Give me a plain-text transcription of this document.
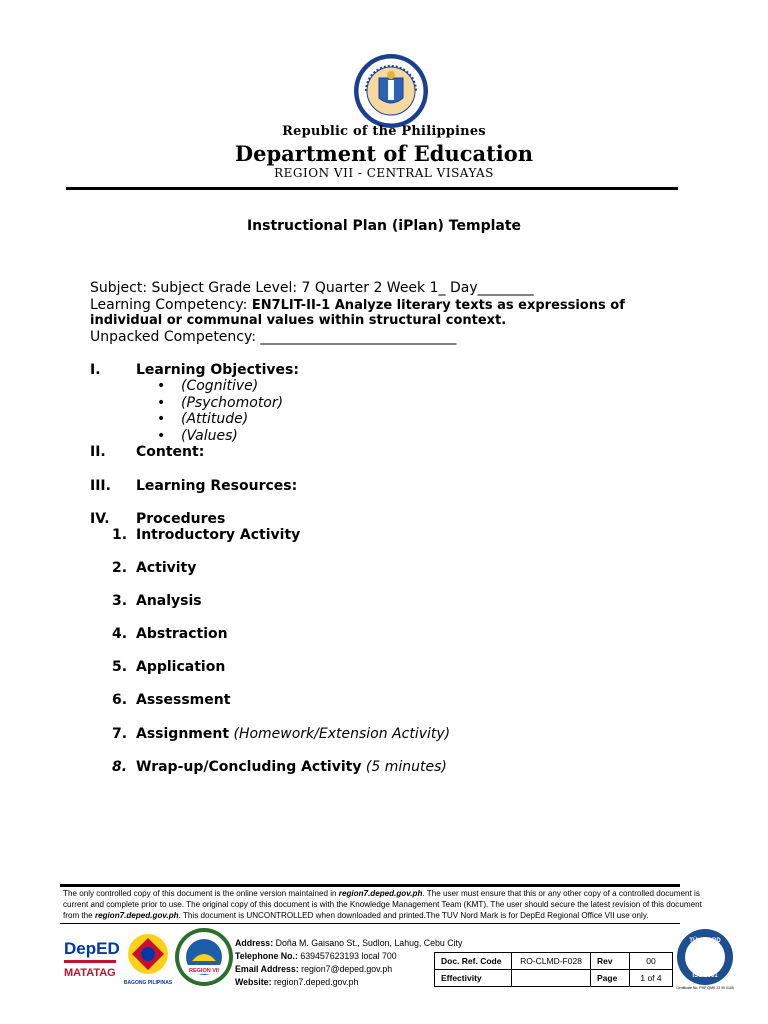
Republic of the Philippines
Department of Education
REGION VII - CENTRAL VISAYAS
Instructional Plan (iPlan) Template
Subject: Subject Grade Level: 7 Quarter 2 Week 1_ Day________
Learning Competency: EN7LIT-II-1 Analyze literary texts as expressions of
individual or communal values within structural context.
Unpacked Competency: ____________________________
I.	Learning Objectives:
• (Cognitive)
• (Psychomotor)
• (Attitude)
• (Values)
II. Content:
III. Learning Resources:
IV. Procedures
1. Introductory Activity
2. Activity
3. Analysis
4. Abstraction
5. Application
6. Assessment
7. Assignment (Homework/Extension Activity)
8. Wrap-up/Concluding Activity (5 minutes)
The only controlled copy of this document is the online version maintained in region7.deped.gov.ph. The user must ensure that this or any other copy of a controlled document is
current and complete prior to use. The original copy of this document is with the Knowledge Management Team (KMT). The user should secure the latest revision of this document
from the region7.deped.gov.ph. This document is UNCONTROLLED when downloaded and printed.The TUV Nord Mark is for DepEd Regional Office VII use only.
DepED
MATATAG
BAGONG PILIPINAS
REGION VII
Address: Doña M. Gaisano St., Sudlon, Lahug, Cebu City
Telephone No.: 639457623193 local 700
Email Address: region7@deped.gov.ph
Website: region7.deped.gov.ph
Doc. Ref. Code	RO-CLMD-F028	Rev	00
Effectivity		Page	1 of 4
TÜV NORD
ISO 9001
Certificate No. PHP QMS 23 90 0165
